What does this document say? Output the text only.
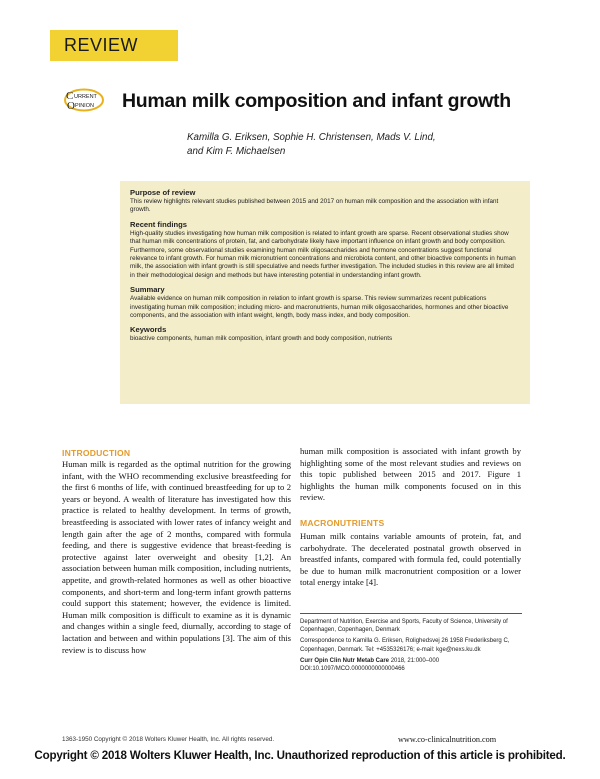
REVIEW
C URRENT
O PINION Human milk composition and infant growth
Kamilla G. Eriksen, Sophie H. Christensen, Mads V. Lind,
and Kim F. Michaelsen
Purpose of review

This review highlights relevant studies published between 2015 and 2017 on human milk composition and the association with infant growth.

Recent findings

High-quality studies investigating how human milk composition is related to infant growth are sparse. Recent observational studies show that human milk concentrations of protein, fat, and carbohydrate likely have important influence on infant growth and body composition. Furthermore, some observational studies examining human milk oligosaccharides and hormone concentrations suggest functional relevance to infant growth. For human milk micronutrient concentrations and microbiota content, and other bioactive components in human milk, the association with infant growth is still speculative and needs further investigation. The included studies in this review are all limited in their methodological design and methods but have interesting potential in understanding infant growth.

Summary

Available evidence on human milk composition in relation to infant growth is sparse. This review summarizes recent publications investigating human milk composition; including micro- and macronutrients, human milk oligosaccharides, hormones and other bioactive components, and the association with infant weight, length, body mass index, and body composition.

Keywords

bioactive components, human milk composition, infant growth and body composition, nutrients

INTRODUCTION

Human milk is regarded as the optimal nutrition for the growing infant, with the WHO recommending exclusive breastfeeding for the first 6 months of life, with continued breastfeeding for up to 2 years or beyond. A wealth of literature has investigated how this practice is related to healthy development. In terms of growth, breastfeeding is associated with lower rates of infancy weight and length gain after the age of 2 months, compared with formula feeding, and there is suggestive evidence that breast-feeding is protective against later overweight and obesity [1,2]. An association between human milk composition, including nutrients, appetite, and growth-related hormones as well as other bioactive components, and short-term and long-term infant growth patterns could support this statement; however, the evidence is limited. Human milk composition is difficult to examine as it is dynamic and changes within a single feed, diurnally, according to stage of lactation and between and within populations [3]. The aim of this review is to discuss how

human milk composition is associated with infant growth by highlighting some of the most relevant studies and reviews on this topic published between 2015 and 2017. Figure 1 highlights the human milk components focused on in this review.

MACRONUTRIENTS

Human milk contains variable amounts of protein, fat, and carbohydrate. The decelerated postnatal growth observed in breastfed infants, compared with formula fed, could potentially be due to human milk macronutrient composition or a lower total energy intake [4].

Department of Nutrition, Exercise and Sports, Faculty of Science, University of Copenhagen, Copenhagen, Denmark

Correspondence to Kamilla G. Eriksen, Rolighedsvej 26 1958 Frederiksberg C, Copenhagen, Denmark. Tel: +4535326176; e-mail: kge@nexs.ku.dk

Curr Opin Clin Nutr Metab Care 2018, 21:000–000

DOI:10.1097/MCO.0000000000000466

1363-1950 Copyright © 2018 Wolters Kluwer Health, Inc. All rights reserved.	www.co-clinicalnutrition.com
Copyright © 2018 Wolters Kluwer Health, Inc. Unauthorized reproduction of this article is prohibited.
